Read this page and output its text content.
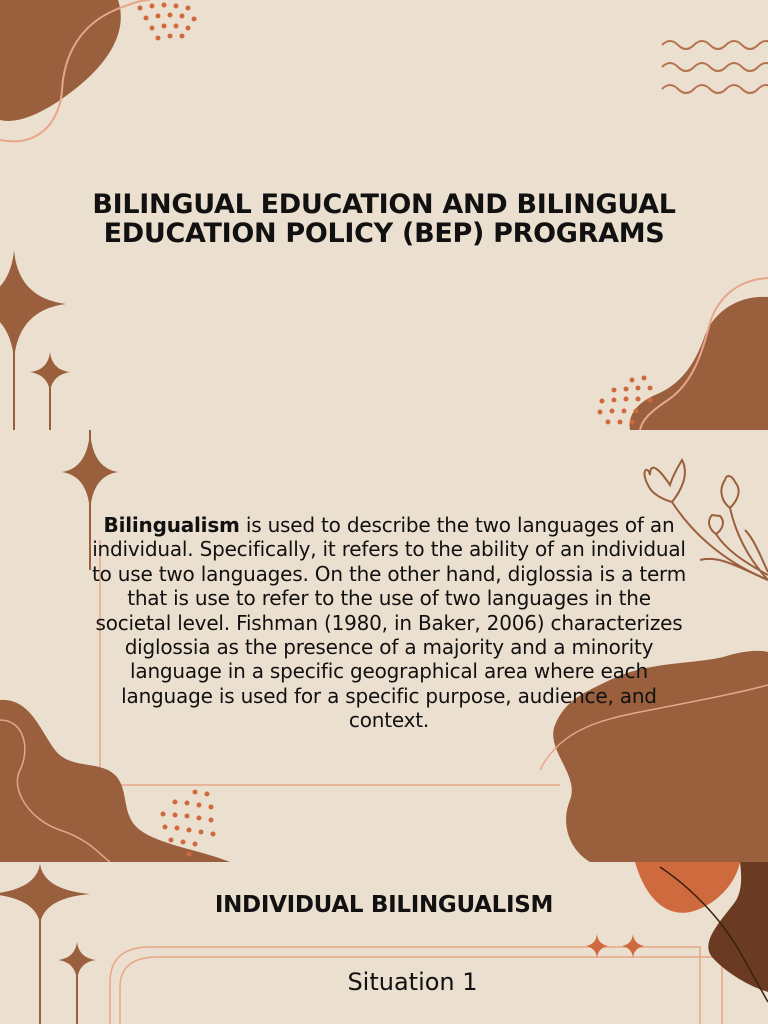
Bilingualism is used to describe the two languages of an individual. Specifically, it refers to the ability of an individual to use two languages. On the other hand, diglossia is a term that is use to refer to the use of two languages in the societal level. Fishman (1980, in Baker, 2006) characterizes diglossia as the presence of a majority and a minority language in a specific geographical area where each language is used for a specific purpose, audience, and context.
INDIVIDUAL BILINGUALISM
Situation 1
BILINGUAL EDUCATION AND BILINGUAL EDUCATION POLICY (BEP) PROGRAMS
